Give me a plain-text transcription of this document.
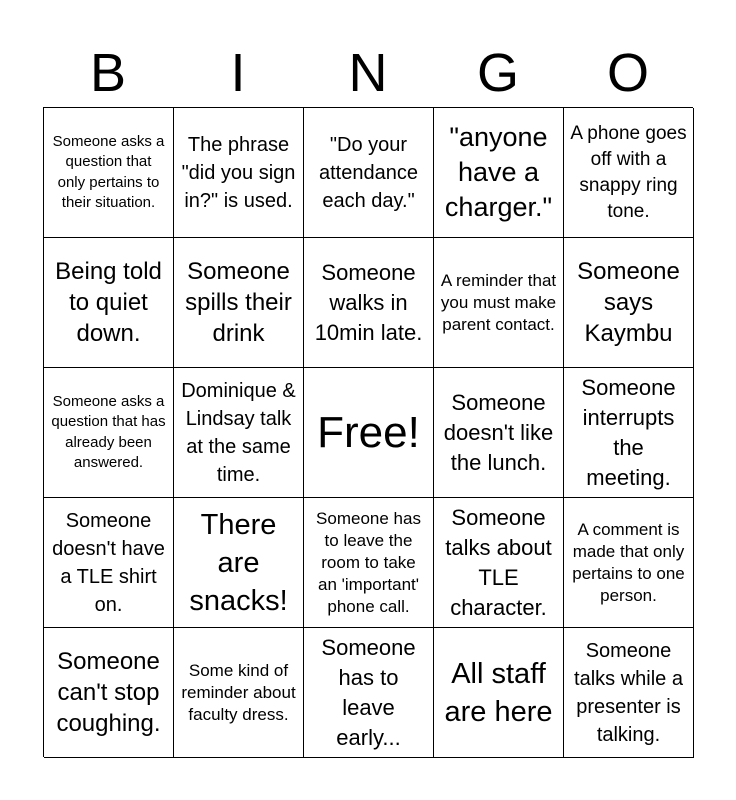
B	I	N	G	O
Someone asks a question that only pertains to their situation.
The phrase "did you sign in?" is used.
"Do your attendance each day."
"anyone have a charger."
A phone goes off with a snappy ring tone.
Being told to quiet down.
Someone spills their drink
Someone walks in 10min late.
A reminder that you must make parent contact.
Someone says Kaymbu
Someone asks a question that has already been answered.
Dominique & Lindsay talk at the same time.
Free!
Someone doesn't like the lunch.
Someone interrupts the meeting.
Someone doesn't have a TLE shirt on.
There are snacks!
Someone has to leave the room to take an 'important' phone call.
Someone talks about TLE character.
A comment is made that only pertains to one person.
Someone can't stop coughing.
Some kind of reminder about faculty dress.
Someone has to leave early...
All staff are here
Someone talks while a presenter is talking.
